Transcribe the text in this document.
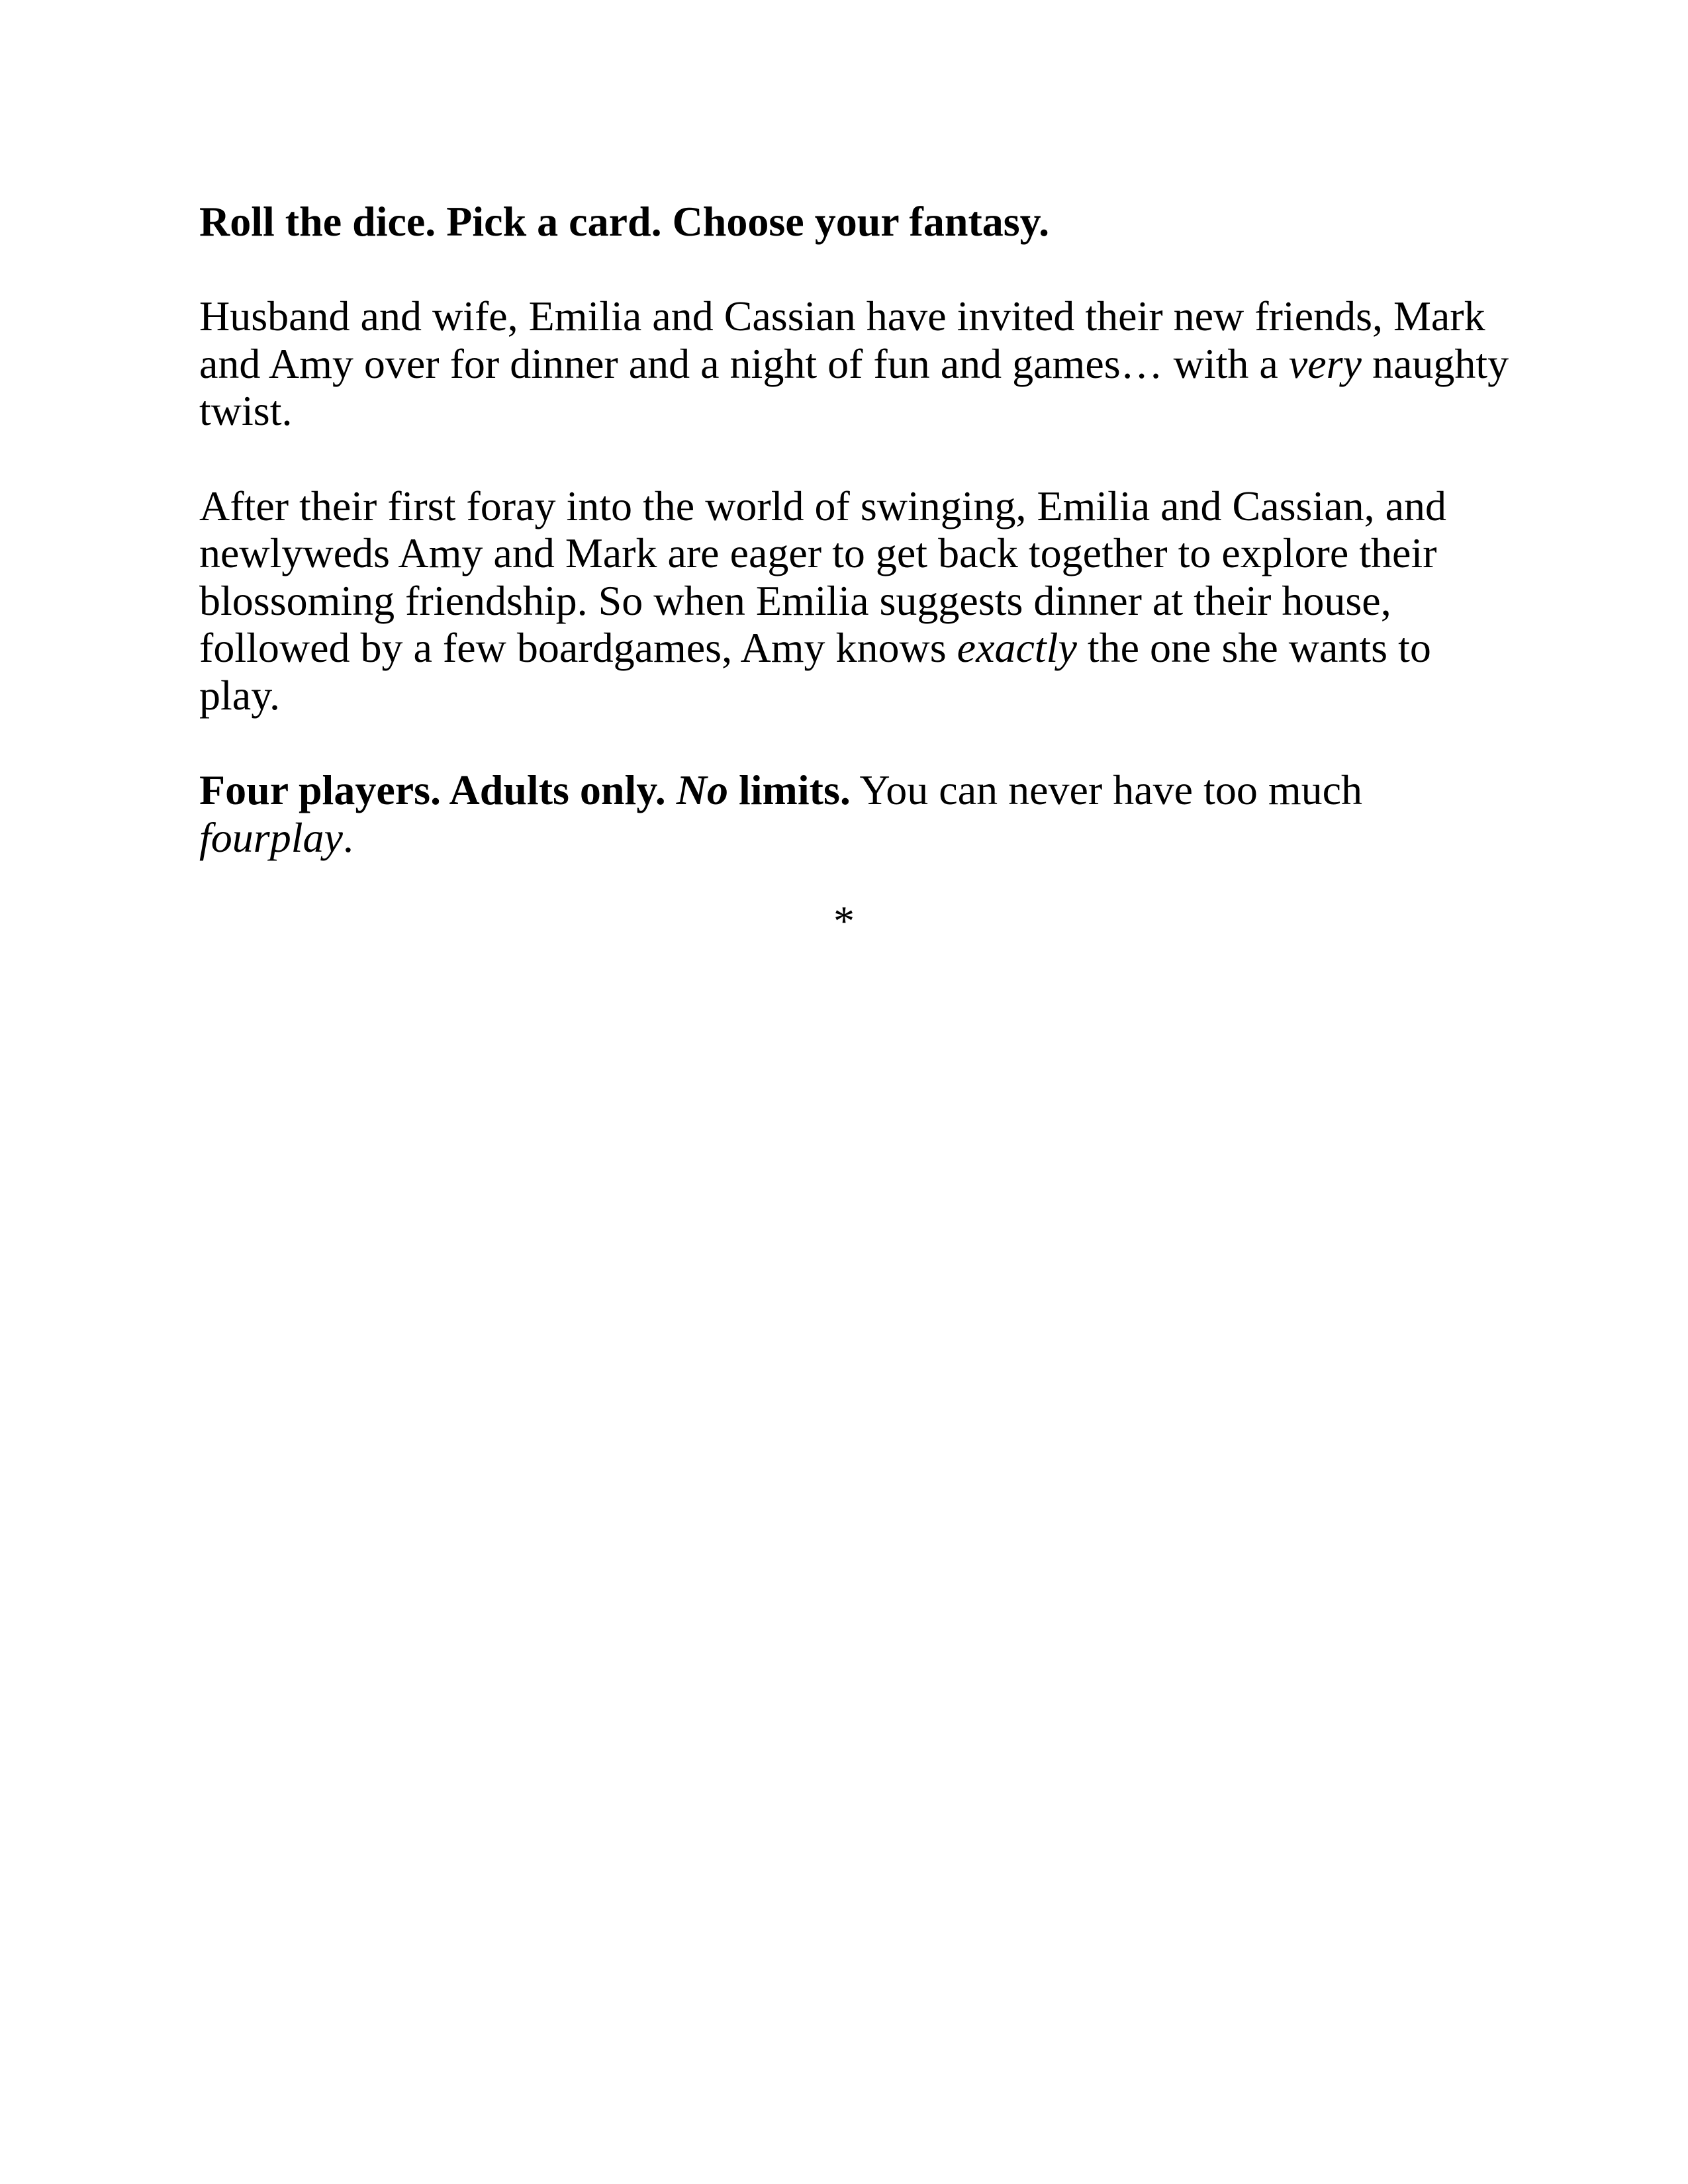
Roll the dice. Pick a card. Choose your fantasy.

Husband and wife, Emilia and Cassian have invited their new friends, Mark
and Amy over for dinner and a night of fun and games… with a very naughty
twist.

After their first foray into the world of swinging, Emilia and Cassian, and
newlyweds Amy and Mark are eager to get back together to explore their
blossoming friendship. So when Emilia suggests dinner at their house,
followed by a few boardgames, Amy knows exactly the one she wants to
play.

Four players. Adults only. No limits. You can never have too much
fourplay.

*
